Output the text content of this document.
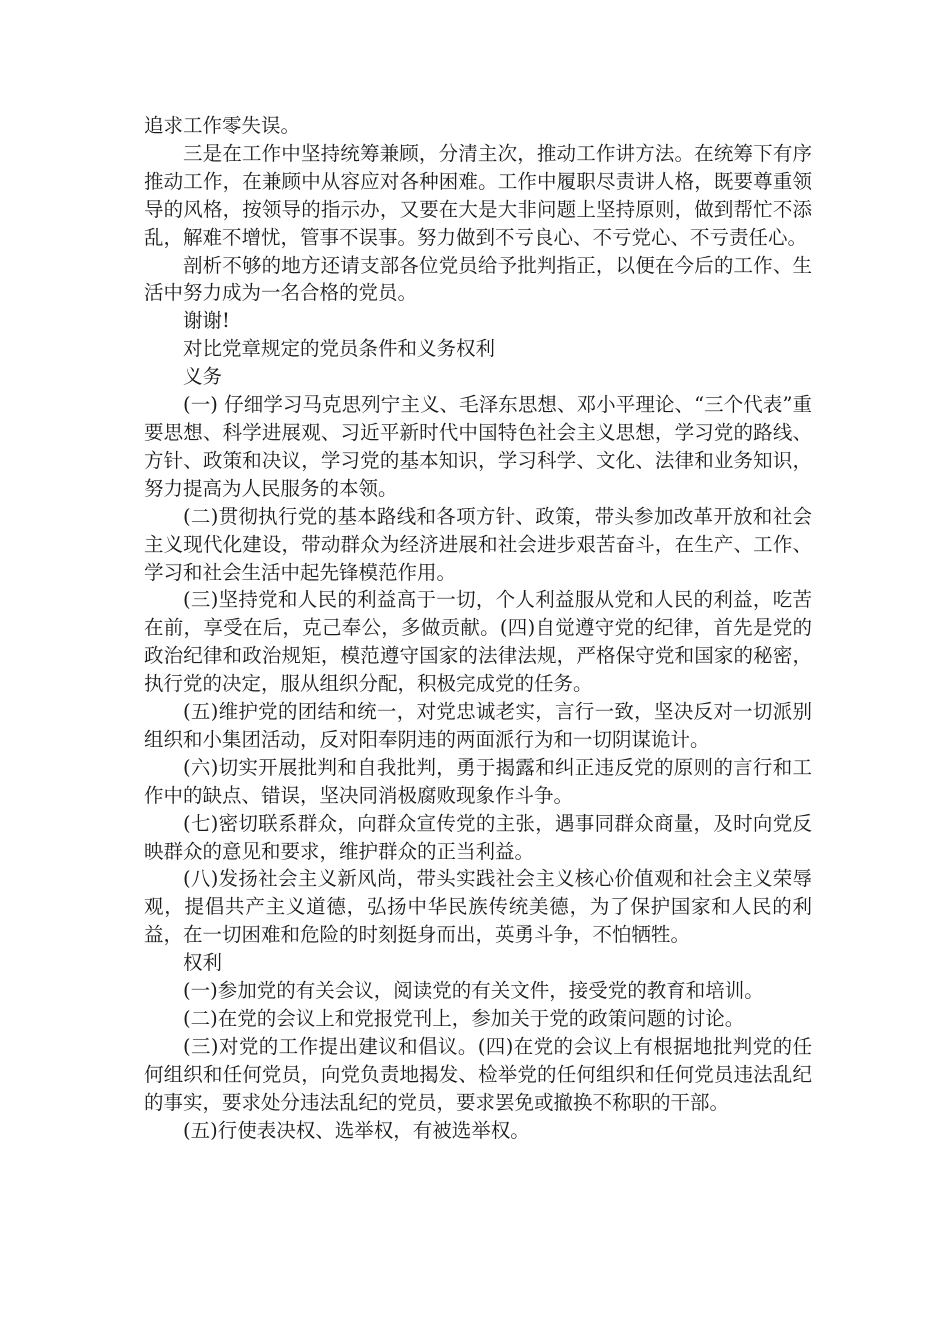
追求工作零失误。

三是在工作中坚持统筹兼顾，分清主次，推动工作讲方法。在统筹下有序推动工作，在兼顾中从容应对各种困难。工作中履职尽责讲人格，既要尊重领导的风格，按领导的指示办，又要在大是大非问题上坚持原则，做到帮忙不添乱，解难不增忧，管事不误事。努力做到不亏良心、不亏党心、不亏责任心。

剖析不够的地方还请支部各位党员给予批判指正，以便在今后的工作、生活中努力成为一名合格的党员。

谢谢!

对比党章规定的党员条件和义务权利

义务

(一) 仔细学习马克思列宁主义、毛泽东思想、邓小平理论、“三个代表”重要思想、科学进展观、习近平新时代中国特色社会主义思想，学习党的路线、方针、政策和决议，学习党的基本知识，学习科学、文化、法律和业务知识，努力提高为人民服务的本领。

(二)贯彻执行党的基本路线和各项方针、政策，带头参加改革开放和社会主义现代化建设，带动群众为经济进展和社会进步艰苦奋斗，在生产、工作、学习和社会生活中起先锋模范作用。

(三)坚持党和人民的利益高于一切，个人利益服从党和人民的利益，吃苦在前，享受在后，克己奉公，多做贡献。(四)自觉遵守党的纪律，首先是党的政治纪律和政治规矩，模范遵守国家的法律法规，严格保守党和国家的秘密，执行党的决定，服从组织分配，积极完成党的任务。

(五)维护党的团结和统一，对党忠诚老实，言行一致，坚决反对一切派别组织和小集团活动，反对阳奉阴违的两面派行为和一切阴谋诡计。

(六)切实开展批判和自我批判，勇于揭露和纠正违反党的原则的言行和工作中的缺点、错误，坚决同消极腐败现象作斗争。

(七)密切联系群众，向群众宣传党的主张，遇事同群众商量，及时向党反映群众的意见和要求，维护群众的正当利益。

(八)发扬社会主义新风尚，带头实践社会主义核心价值观和社会主义荣辱观，提倡共产主义道德，弘扬中华民族传统美德，为了保护国家和人民的利益，在一切困难和危险的时刻挺身而出，英勇斗争，不怕牺牲。

权利

(一)参加党的有关会议，阅读党的有关文件，接受党的教育和培训。

(二)在党的会议上和党报党刊上，参加关于党的政策问题的讨论。

(三)对党的工作提出建议和倡议。(四)在党的会议上有根据地批判党的任何组织和任何党员，向党负责地揭发、检举党的任何组织和任何党员违法乱纪的事实，要求处分违法乱纪的党员，要求罢免或撤换不称职的干部。

(五)行使表决权、选举权，有被选举权。
